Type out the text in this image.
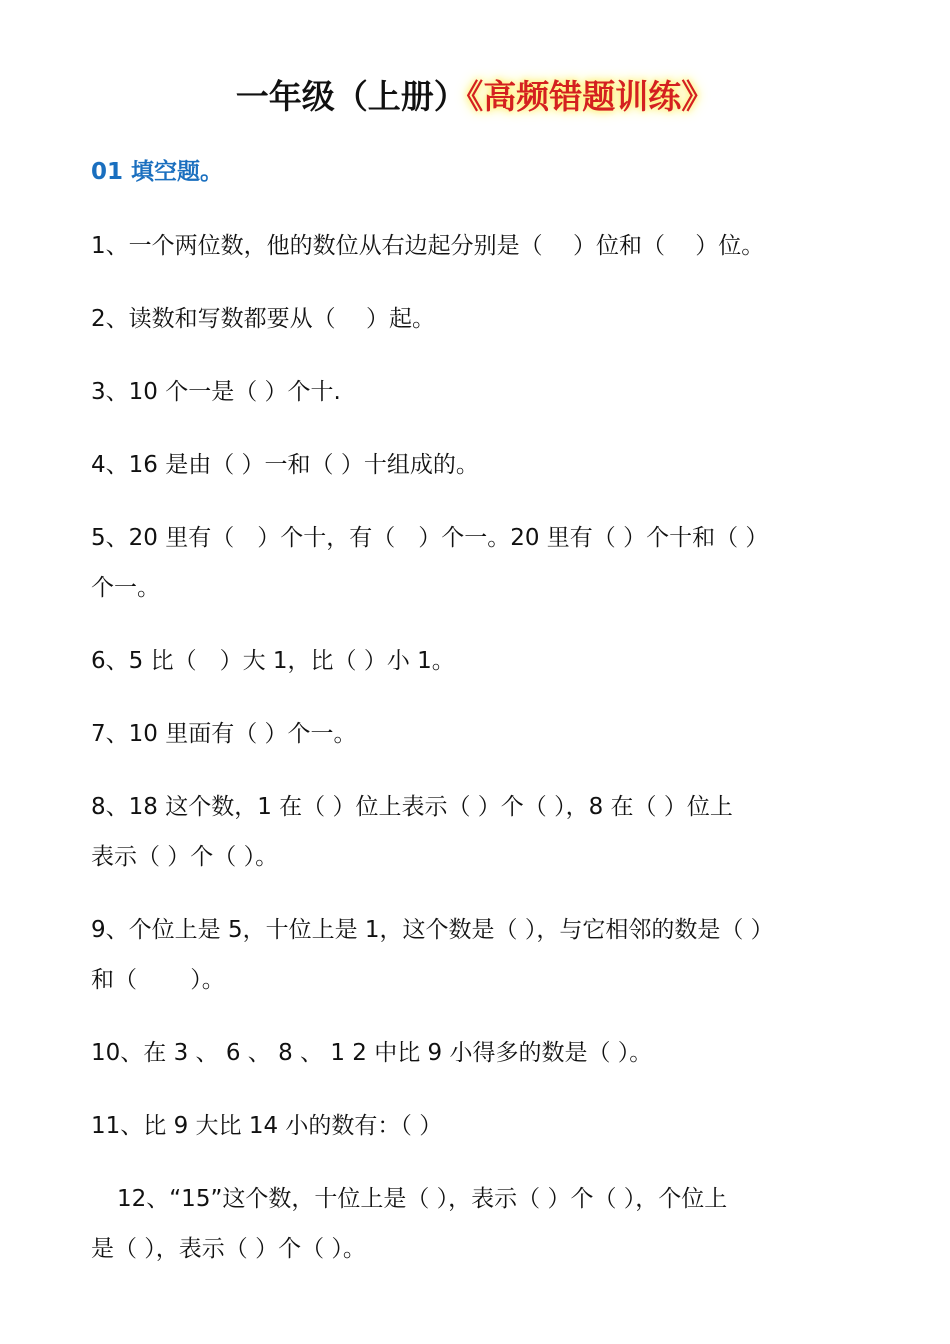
一年级（上册）《高频错题训练》
01 填空题。

1、一个两位数，他的数位从右边起分别是（　 ）位和（　 ）位。

2、读数和写数都要从（　 ）起。

3、10 个一是（ ）个十.

4、16 是由（ ）一和（ ）十组成的。

5、20 里有（　）个十，有（　）个一。20 里有（ ）个十和（ ）
个一。

6、5 比（　）大 1，比（ ）小 1。

7、10 里面有（ ）个一。

8、18 这个数，1 在（ ）位上表示（ ）个（ ），8 在（ ）位上
表示（ ）个（ ）。

9、个位上是 5，十位上是 1，这个数是（ ），与它相邻的数是（ ）
和（　　 ）。

10、在 3 、 6 、 8 、 1 2 中比 9 小得多的数是（ ）。

11、比 9 大比 14 小的数有：（ ）

12、“15”这个数，十位上是（ ），表示（ ）个（ ），个位上
是（ ），表示（ ）个（ ）。
